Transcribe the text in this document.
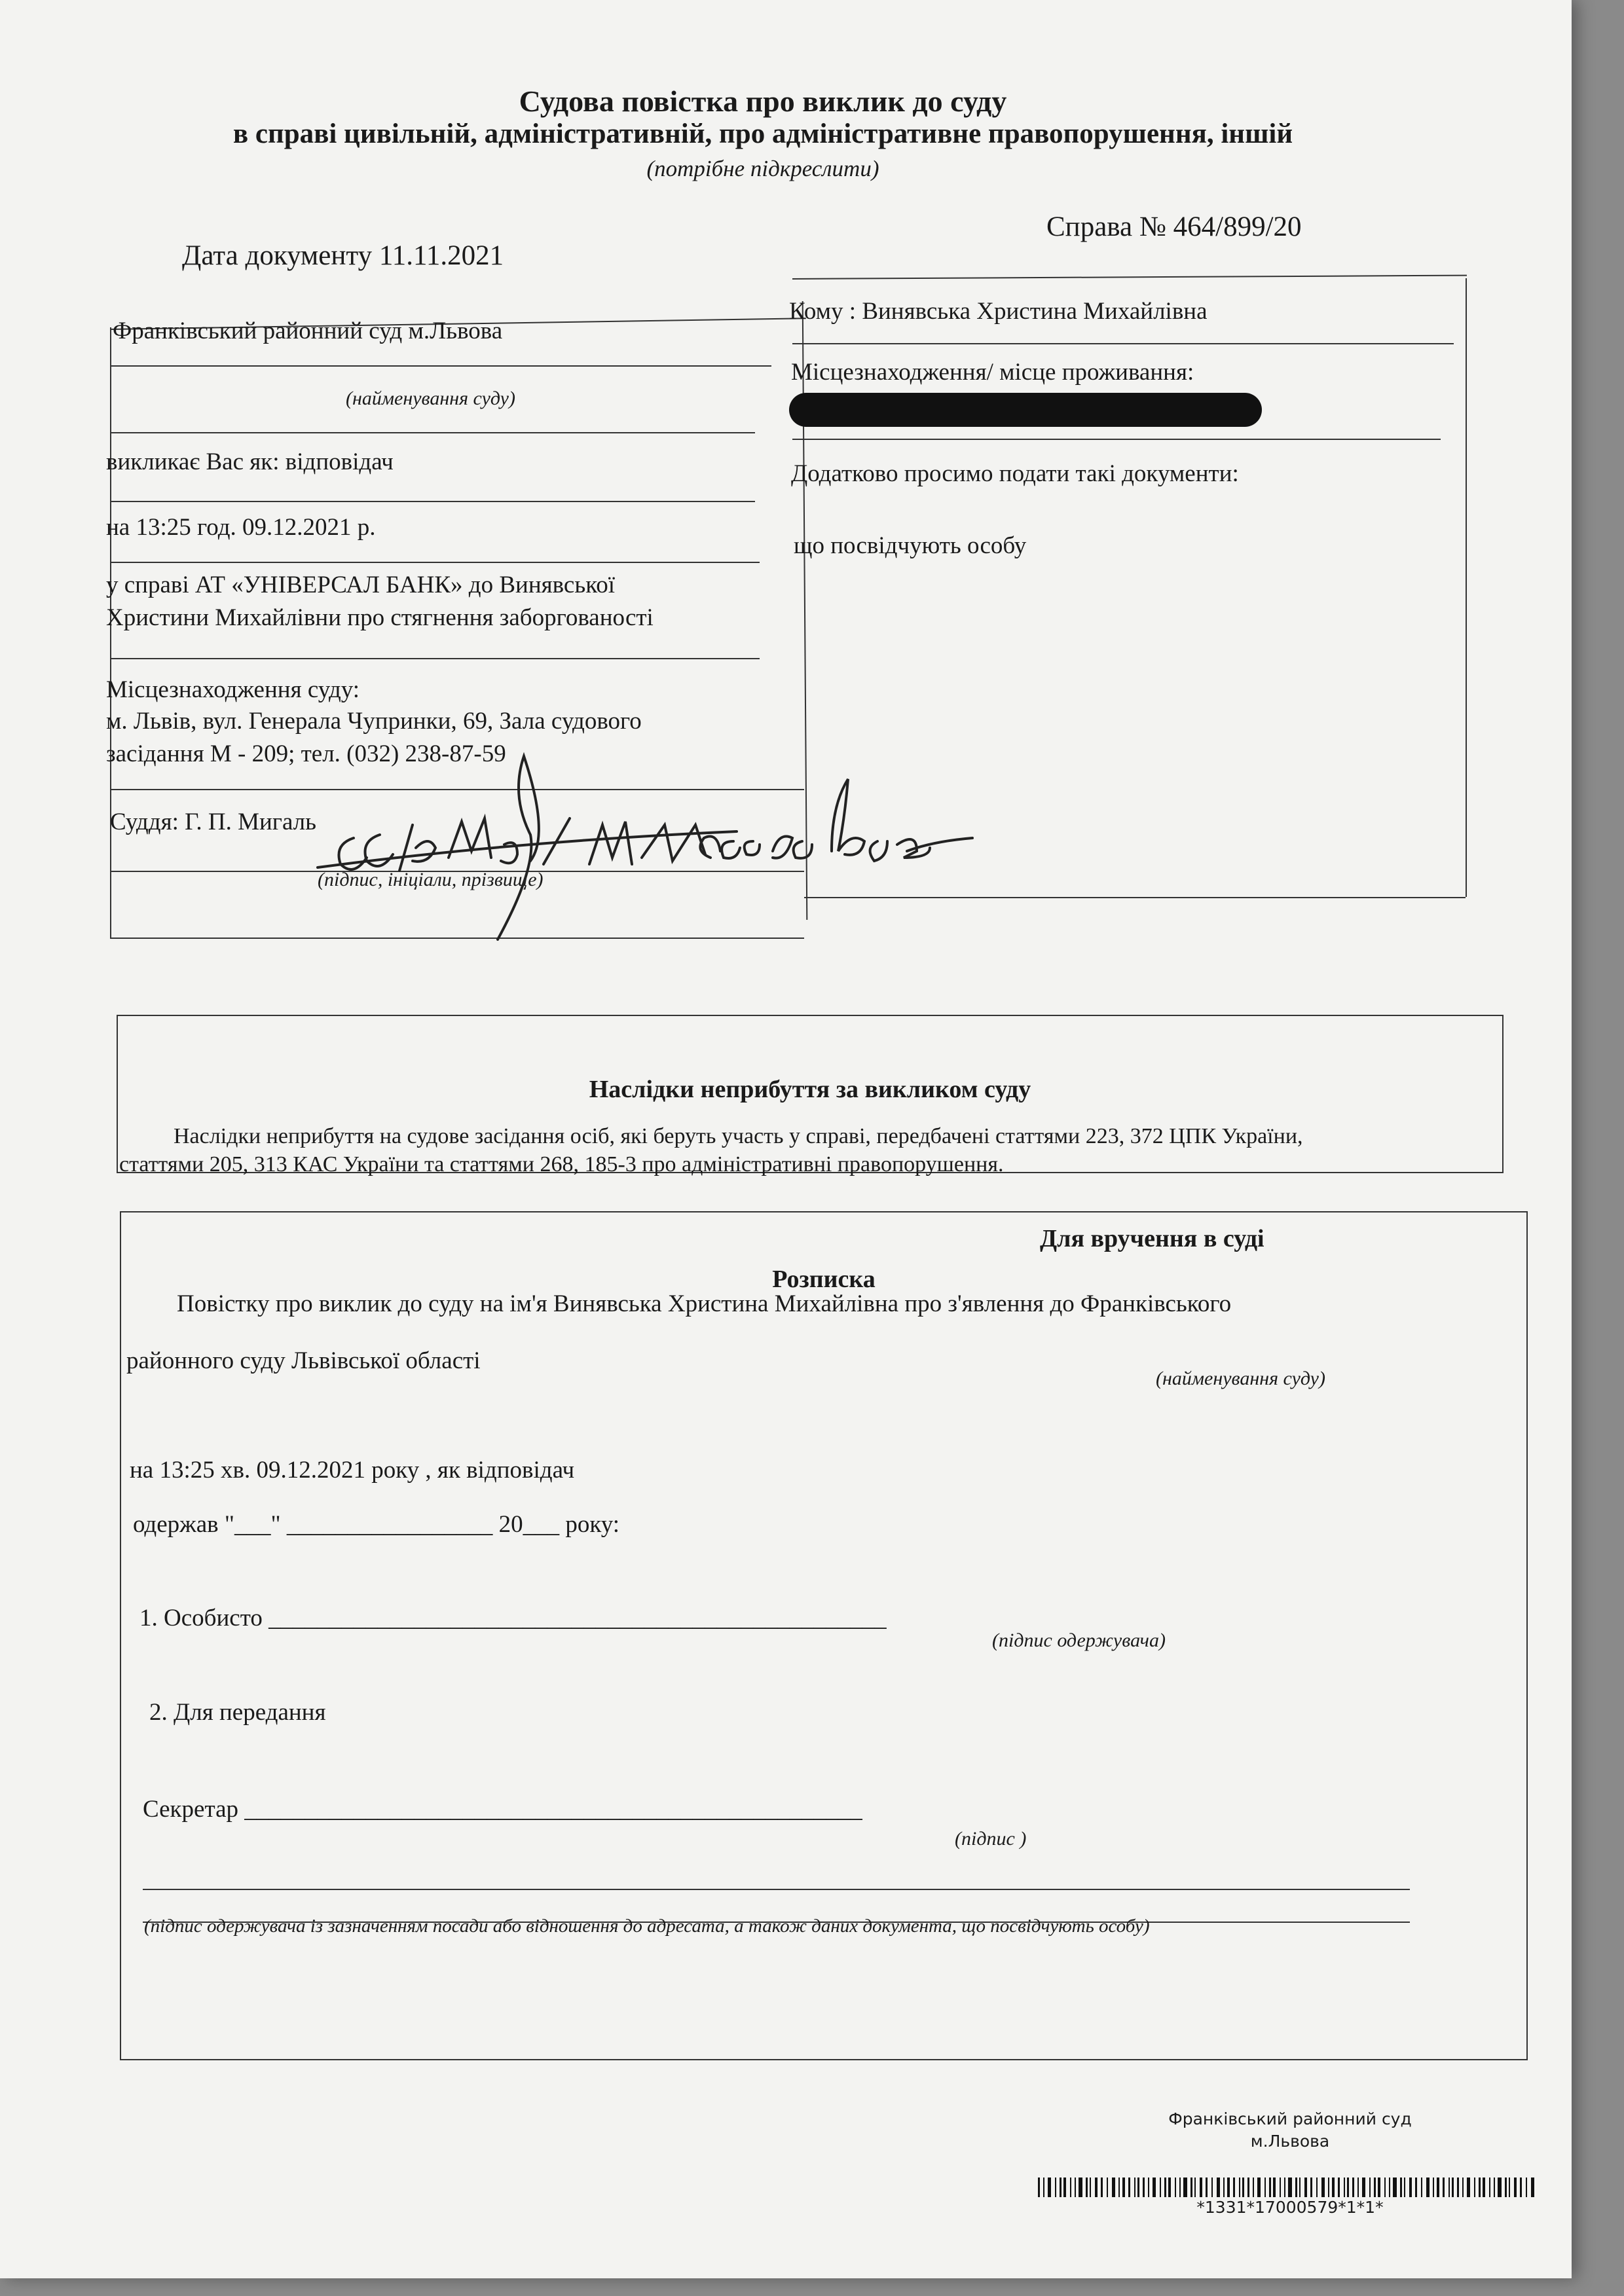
Судова повістка про виклик до суду
в справі цивільній, адміністративній, про адміністративне правопорушення, іншій
(потрібне підкреслити)
Дата документу 11.11.2021
Справа № 464/899/20
Франківський районний суд м.Львова
(найменування суду)
викликає Вас як: відповідач
на 13:25 год. 09.12.2021 р.
у справі АТ «УНІВЕРСАЛ БАНК» до Винявської
Христини Михайлівни про стягнення заборгованості
Місцезнаходження суду:
м. Львів, вул. Генерала Чупринки, 69, Зала судового
засідання М - 209; тел. (032) 238-87-59
Суддя: Г. П. Мигаль
(підпис, ініціали, прізвище)
Кому : Винявська Христина Михайлівна
Місцезнаходження/ місце проживання:
Додатково просимо подати такі документи:
що посвідчують особу
Наслідки неприбуття за викликом суду
Наслідки неприбуття на судове засідання осіб, які беруть участь у справі, передбачені статтями 223, 372 ЦПК України,
статтями 205, 313 КАС України та статтями 268, 185-3 про адміністративні правопорушення.
Для вручення в суді
Розписка
Повістку про виклик до суду на ім'я Винявська Христина Михайлівна про з'явлення до Франківського
районного суду Львівської області
(найменування суду)
на 13:25 хв. 09.12.2021 року , як відповідач
одержав "___" _________________ 20___ року:
1. Особисто ___________________________________________________
(підпис одержувача)
2. Для передання
Секретар ___________________________________________________
(підпис )
(підпис одержувача із зазначенням посади або відношення до адресата, а також даних документа, що посвідчують особу)
Франківський районний суд
м.Львова
*1331*17000579*1*1*
